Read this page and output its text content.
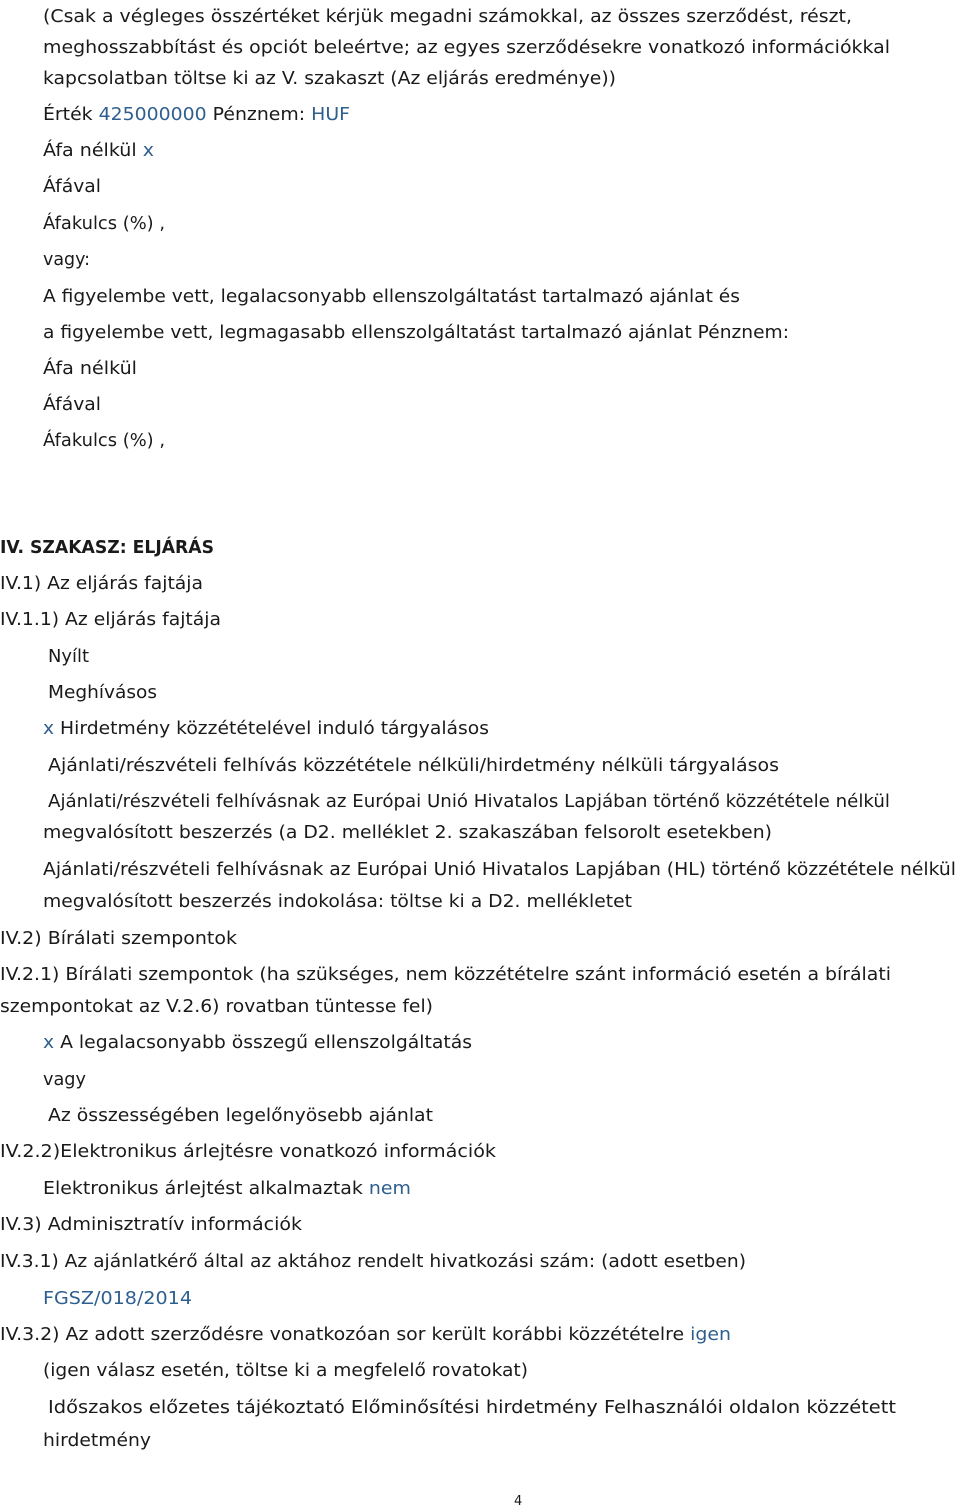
(Csak a végleges összértéket kérjük megadni számokkal, az összes szerződést, részt,
meghosszabbítást és opciót beleértve; az egyes szerződésekre vonatkozó információkkal
kapcsolatban töltse ki az V. szakaszt (Az eljárás eredménye))
Érték 425000000 Pénznem: HUF
Áfa nélkül x
Áfával
Áfakulcs (%) ,
vagy:
A figyelembe vett, legalacsonyabb ellenszolgáltatást tartalmazó ajánlat és
a figyelembe vett, legmagasabb ellenszolgáltatást tartalmazó ajánlat Pénznem:
Áfa nélkül
Áfával
Áfakulcs (%) ,
IV. SZAKASZ: ELJÁRÁS
IV.1) Az eljárás fajtája
IV.1.1) Az eljárás fajtája
Nyílt
Meghívásos
x Hirdetmény közzétételével induló tárgyalásos
Ajánlati/részvételi felhívás közzététele nélküli/hirdetmény nélküli tárgyalásos
Ajánlati/részvételi felhívásnak az Európai Unió Hivatalos Lapjában történő közzététele nélkül
megvalósított beszerzés (a D2. melléklet 2. szakaszában felsorolt esetekben)
Ajánlati/részvételi felhívásnak az Európai Unió Hivatalos Lapjában (HL) történő közzététele nélkül
megvalósított beszerzés indokolása: töltse ki a D2. mellékletet
IV.2) Bírálati szempontok
IV.2.1) Bírálati szempontok (ha szükséges, nem közzétételre szánt információ esetén a bírálati
szempontokat az V.2.6) rovatban tüntesse fel)
x A legalacsonyabb összegű ellenszolgáltatás
vagy
Az összességében legelőnyösebb ajánlat
IV.2.2)Elektronikus árlejtésre vonatkozó információk
Elektronikus árlejtést alkalmaztak nem
IV.3) Adminisztratív információk
IV.3.1) Az ajánlatkérő által az aktához rendelt hivatkozási szám: (adott esetben)
FGSZ/018/2014
IV.3.2) Az adott szerződésre vonatkozóan sor került korábbi közzétételre igen
(igen válasz esetén, töltse ki a megfelelő rovatokat)
Időszakos előzetes tájékoztató Előminősítési hirdetmény Felhasználói oldalon közzétett
hirdetmény
4
